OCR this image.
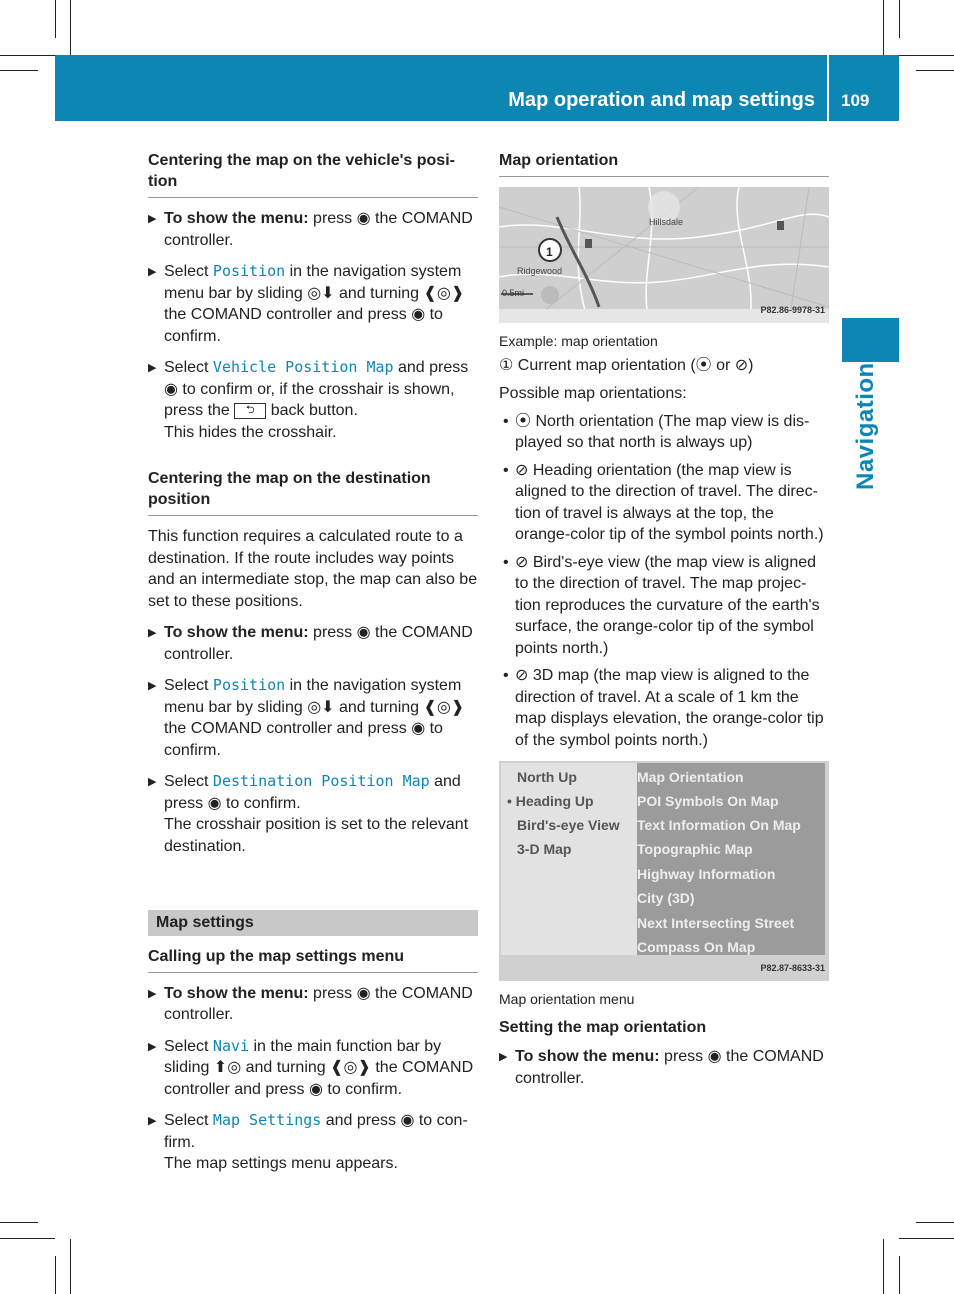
Map operation and map settings 109
Navigation
Centering the map on the vehicle's posi-tion
▶ To show the menu: press ◉ the COMAND controller.
▶ Select Position in the navigation system menu bar by sliding ◎⬇ and turning ❰◎❱ the COMAND controller and press ◉ to confirm.
▶ Select Vehicle Position Map and press ◉ to confirm or, if the crosshair is shown, press the ⮌ back button.
This hides the crosshair.
Centering the map on the destination position

This function requires a calculated route to a destination. If the route includes way points and an intermediate stop, the map can also be set to these positions.

▶ To show the menu: press ◉ the COMAND controller.
▶ Select Position in the navigation system menu bar by sliding ◎⬇ and turning ❰◎❱ the COMAND controller and press ◉ to confirm.
▶ Select Destination Position Map and press ◉ to confirm.
The crosshair position is set to the relevant destination.
Map settings
Calling up the map settings menu
▶ To show the menu: press ◉ the COMAND controller.
▶ Select Navi in the main function bar by sliding ⬆◎ and turning ❰◎❱ the COMAND controller and press ◉ to confirm.
▶ Select Map Settings and press ◉ to con-firm.
The map settings menu appears.
Map orientation
Hillsdale
Ridgewood
0.5mi
1
P82.86-9978-31
Example: map orientation
① Current map orientation (⦿ or ⊘)
Possible map orientations:
• ⦿ North orientation (The map view is dis-played so that north is always up)
• ⊘ Heading orientation (the map view is aligned to the direction of travel. The direc-tion of travel is always at the top, the orange-color tip of the symbol points north.)
• ⊘ Bird's-eye view (the map view is aligned to the direction of travel. The map projec-tion reproduces the curvature of the earth's surface, the orange-color tip of the symbol points north.)
• ⊘ 3D map (the map view is aligned to the direction of travel. At a scale of 1 km the map displays elevation, the orange-color tip of the symbol points north.)
North Up
• Heading Up
Bird's-eye View
3-D Map
Map Orientation
POI Symbols On Map
Text Information On Map
Topographic Map
Highway Information
City (3D)
Next Intersecting Street
Compass On Map
P82.87-8633-31
Map orientation menu
Setting the map orientation
▶ To show the menu: press ◉ the COMAND controller.
